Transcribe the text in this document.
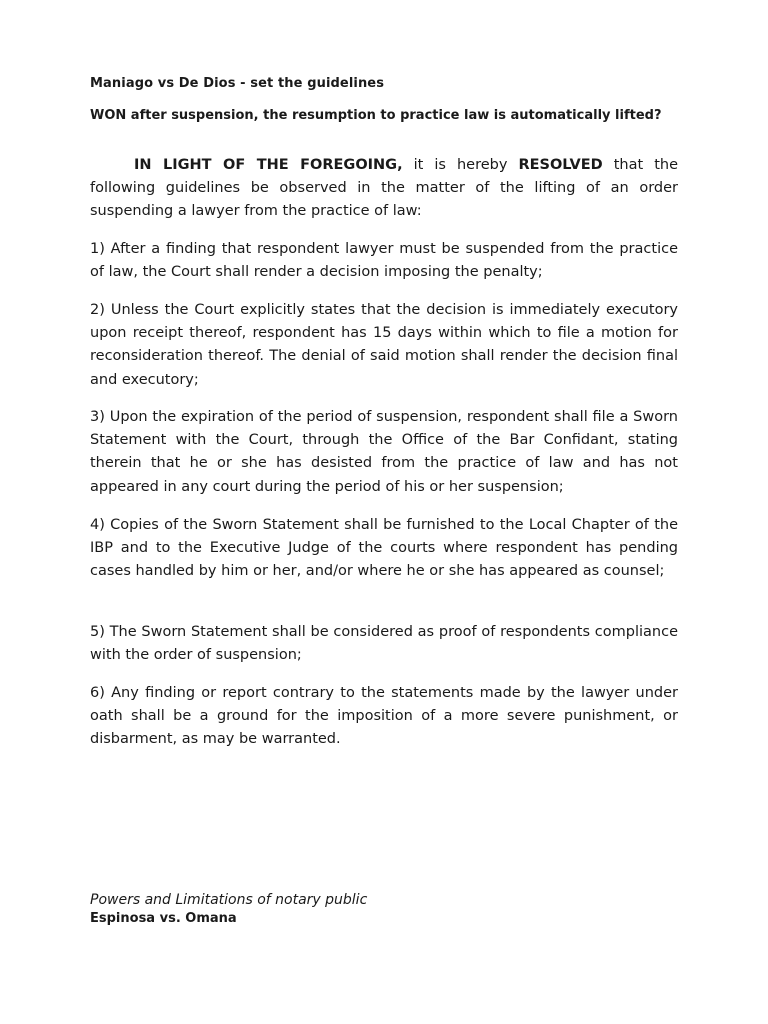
Maniago vs De Dios - set the guidelines
WON after suspension, the resumption to practice law is automatically lifted?
IN LIGHT OF THE FOREGOING, it is hereby RESOLVED that the following guidelines be observed in the matter of the lifting of an order suspending a lawyer from the practice of law:
1) After a finding that respondent lawyer must be suspended from the practice of law, the Court shall render a decision imposing the penalty;
2) Unless the Court explicitly states that the decision is immediately executory upon receipt thereof, respondent has 15 days within which to file a motion for reconsideration thereof. The denial of said motion shall render the decision final and executory;
3) Upon the expiration of the period of suspension, respondent shall file a Sworn Statement with the Court, through the Office of the Bar Confidant, stating therein that he or she has desisted from the practice of law and has not appeared in any court during the period of his or her suspension;
4) Copies of the Sworn Statement shall be furnished to the Local Chapter of the IBP and to the Executive Judge of the courts where respondent has pending cases handled by him or her, and/or where he or she has appeared as counsel;
5) The Sworn Statement shall be considered as proof of respondents compliance with the order of suspension;
6) Any finding or report contrary to the statements made by the lawyer under oath shall be a ground for the imposition of a more severe punishment, or disbarment, as may be warranted.
Powers and Limitations of notary public
Espinosa vs. Omana
